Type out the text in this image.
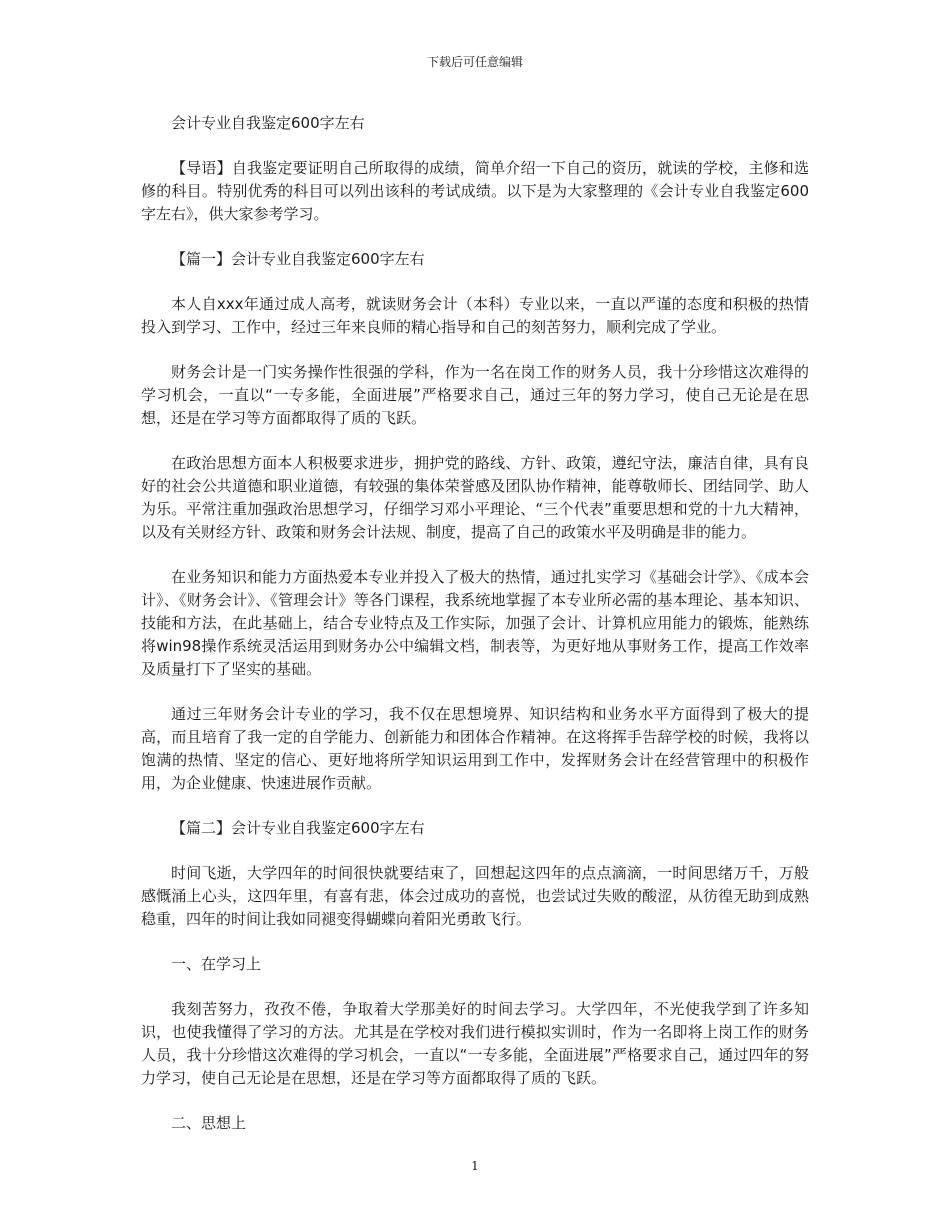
下载后可任意编辑

会计专业自我鉴定600字左右

【导语】自我鉴定要证明自己所取得的成绩，简单介绍一下自己的资历，就读的学校，主修和选修的科目。特别优秀的科目可以列出该科的考试成绩。以下是为大家整理的《会计专业自我鉴定600字左右》，供大家参考学习。

【篇一】会计专业自我鉴定600字左右

本人自xxx年通过成人高考，就读财务会计（本科）专业以来，一直以严谨的态度和积极的热情投入到学习、工作中，经过三年来良师的精心指导和自己的刻苦努力，顺利完成了学业。

财务会计是一门实务操作性很强的学科，作为一名在岗工作的财务人员，我十分珍惜这次难得的学习机会，一直以“一专多能，全面进展”严格要求自己，通过三年的努力学习，使自己无论是在思想，还是在学习等方面都取得了质的飞跃。

在政治思想方面本人积极要求进步，拥护党的路线、方针、政策，遵纪守法，廉洁自律，具有良好的社会公共道德和职业道德，有较强的集体荣誉感及团队协作精神，能尊敬师长、团结同学、助人为乐。平常注重加强政治思想学习，仔细学习邓小平理论、“三个代表”重要思想和党的十九大精神，以及有关财经方针、政策和财务会计法规、制度，提高了自己的政策水平及明确是非的能力。

在业务知识和能力方面热爱本专业并投入了极大的热情，通过扎实学习《基础会计学》、《成本会计》、《财务会计》、《管理会计》等各门课程，我系统地掌握了本专业所必需的基本理论、基本知识、技能和方法，在此基础上，结合专业特点及工作实际，加强了会计、计算机应用能力的锻炼，能熟练将win98操作系统灵活运用到财务办公中编辑文档，制表等，为更好地从事财务工作，提高工作效率及质量打下了坚实的基础。

通过三年财务会计专业的学习，我不仅在思想境界、知识结构和业务水平方面得到了极大的提高，而且培育了我一定的自学能力、创新能力和团体合作精神。在这将挥手告辞学校的时候，我将以饱满的热情、坚定的信心、更好地将所学知识运用到工作中，发挥财务会计在经营管理中的积极作用，为企业健康、快速进展作贡献。

【篇二】会计专业自我鉴定600字左右

时间飞逝，大学四年的时间很快就要结束了，回想起这四年的点点滴滴，一时间思绪万千，万般感慨涌上心头，这四年里，有喜有悲，体会过成功的喜悦，也尝试过失败的酸涩，从彷徨无助到成熟稳重，四年的时间让我如同褪变得蝴蝶向着阳光勇敢飞行。

一、在学习上

我刻苦努力，孜孜不倦，争取着大学那美好的时间去学习。大学四年，不光使我学到了许多知识，也使我懂得了学习的方法。尤其是在学校对我们进行模拟实训时，作为一名即将上岗工作的财务人员，我十分珍惜这次难得的学习机会，一直以“一专多能，全面进展”严格要求自己，通过四年的努力学习，使自己无论是在思想，还是在学习等方面都取得了质的飞跃。

二、思想上

1
